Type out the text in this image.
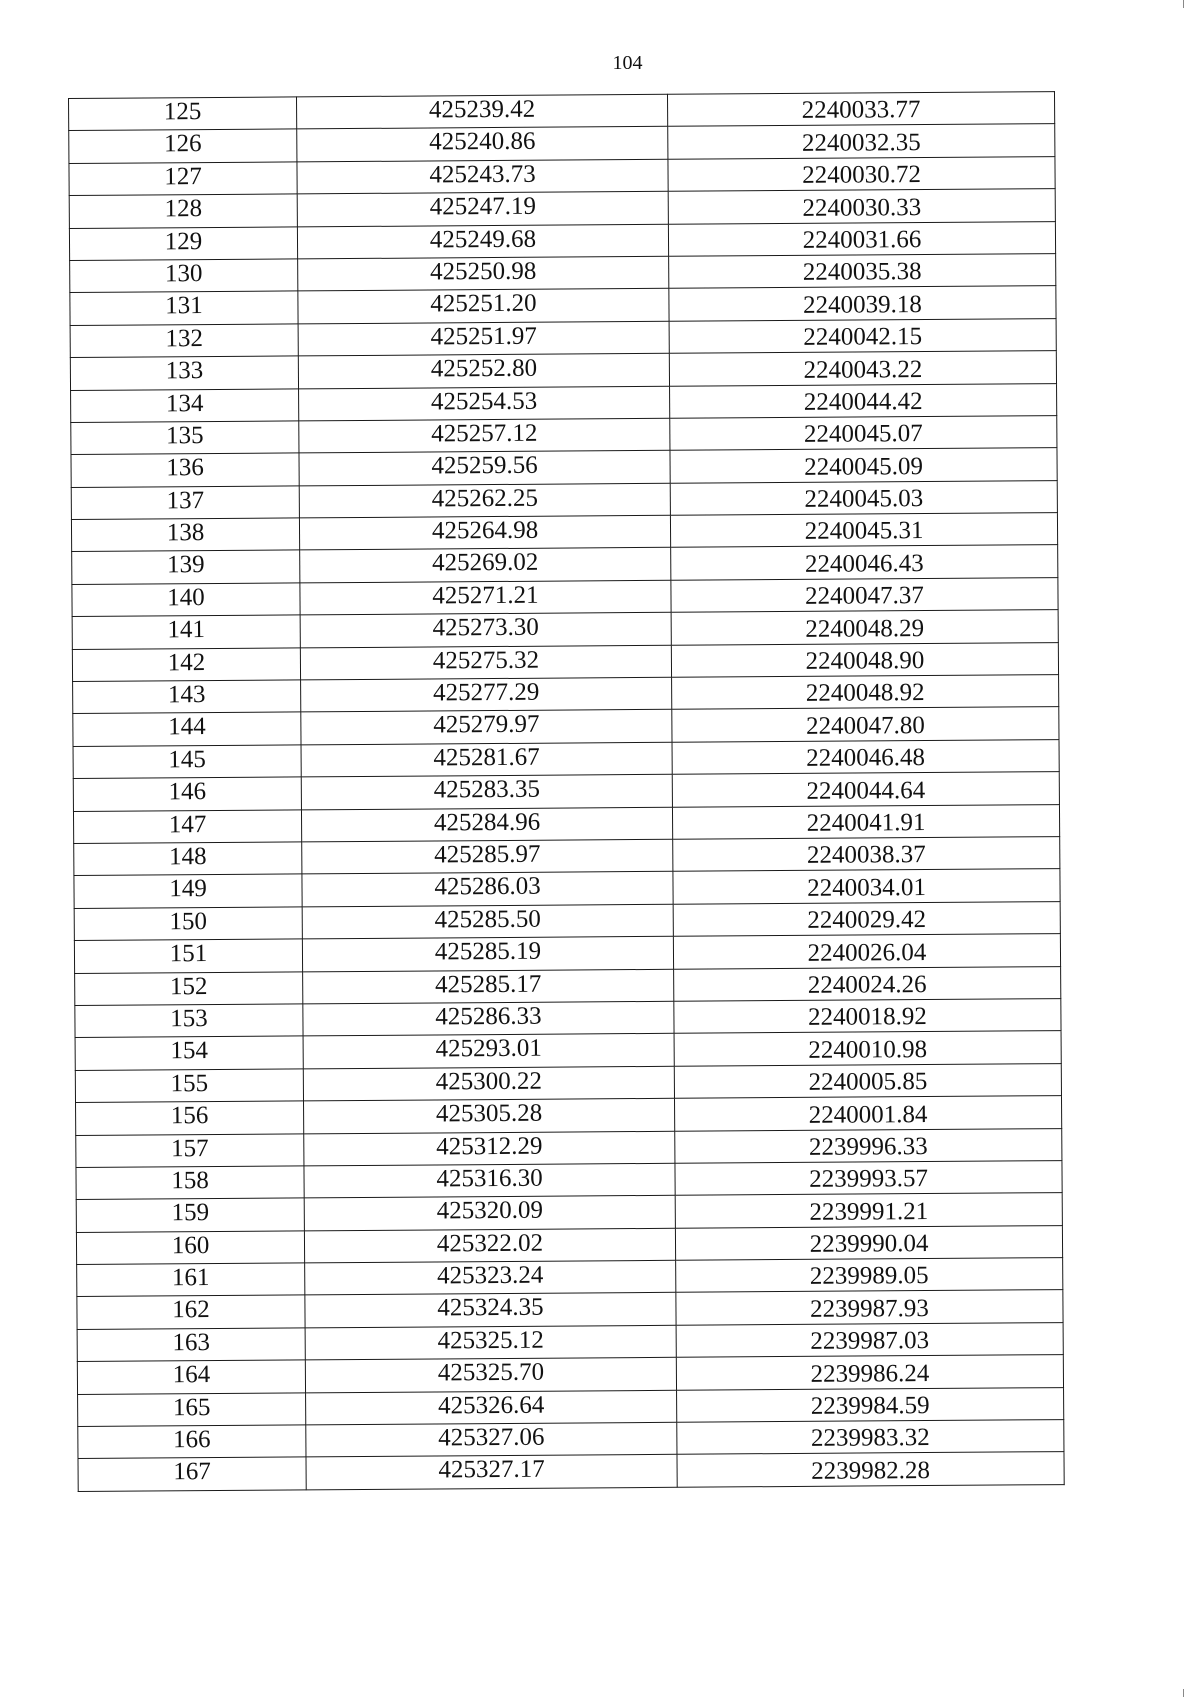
104
125	425239.42	2240033.77
126	425240.86	2240032.35
127	425243.73	2240030.72
128	425247.19	2240030.33
129	425249.68	2240031.66
130	425250.98	2240035.38
131	425251.20	2240039.18
132	425251.97	2240042.15
133	425252.80	2240043.22
134	425254.53	2240044.42
135	425257.12	2240045.07
136	425259.56	2240045.09
137	425262.25	2240045.03
138	425264.98	2240045.31
139	425269.02	2240046.43
140	425271.21	2240047.37
141	425273.30	2240048.29
142	425275.32	2240048.90
143	425277.29	2240048.92
144	425279.97	2240047.80
145	425281.67	2240046.48
146	425283.35	2240044.64
147	425284.96	2240041.91
148	425285.97	2240038.37
149	425286.03	2240034.01
150	425285.50	2240029.42
151	425285.19	2240026.04
152	425285.17	2240024.26
153	425286.33	2240018.92
154	425293.01	2240010.98
155	425300.22	2240005.85
156	425305.28	2240001.84
157	425312.29	2239996.33
158	425316.30	2239993.57
159	425320.09	2239991.21
160	425322.02	2239990.04
161	425323.24	2239989.05
162	425324.35	2239987.93
163	425325.12	2239987.03
164	425325.70	2239986.24
165	425326.64	2239984.59
166	425327.06	2239983.32
167	425327.17	2239982.28
